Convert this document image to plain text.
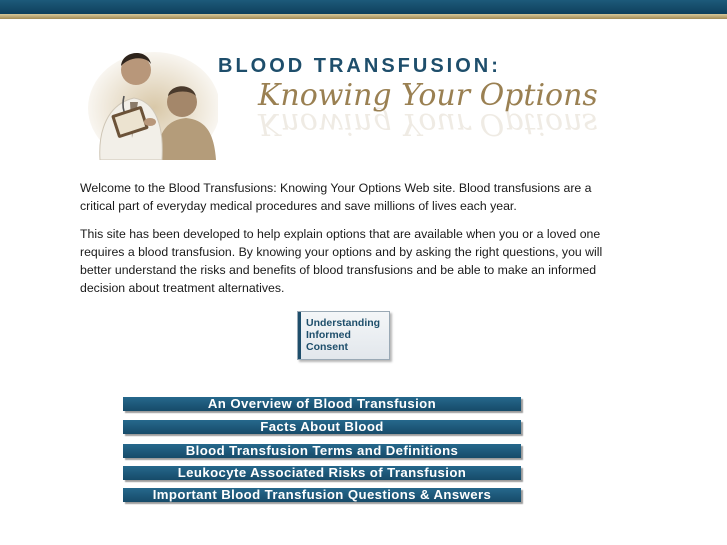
BLOOD TRANSFUSION:
Knowing Your Options
Knowing Your Options

Welcome to the Blood Transfusions: Knowing Your Options Web site. Blood transfusions are a critical part of everyday medical procedures and save millions of lives each year.

This site has been developed to help explain options that are available when you or a loved one requires a blood transfusion. By knowing your options and by asking the right questions, you will better understand the risks and benefits of blood transfusions and be able to make an informed decision about treatment alternatives.

Understanding
Informed
Consent
An Overview of Blood Transfusion
Facts About Blood
Blood Transfusion Terms and Definitions
Leukocyte Associated Risks of Transfusion
Important Blood Transfusion Questions & Answers
